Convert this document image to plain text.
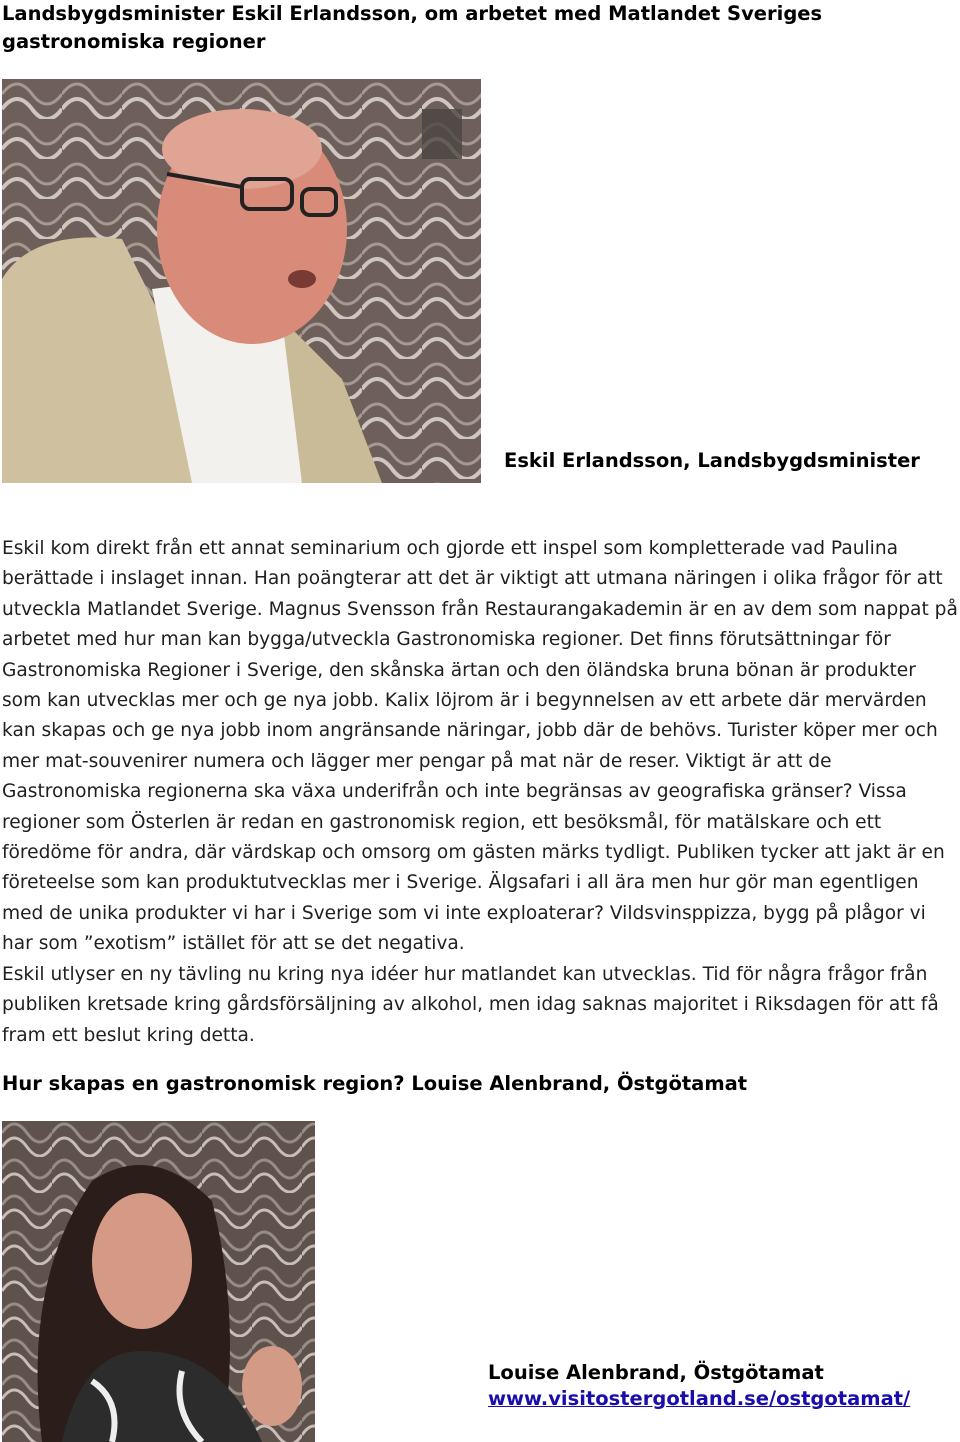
Landsbygdsminister Eskil Erlandsson, om arbetet med Matlandet Sveriges gastronomiska regioner
Eskil Erlandsson, Landsbygdsminister

Eskil kom direkt från ett annat seminarium och gjorde ett inspel som kompletterade vad Paulina berättade i inslaget innan. Han poängterar att det är viktigt att utmana näringen i olika frågor för att utveckla Matlandet Sverige. Magnus Svensson från Restaurangakademin är en av dem som nappat på arbetet med hur man kan bygga/utveckla Gastronomiska regioner. Det finns förutsättningar för Gastronomiska Regioner i Sverige, den skånska ärtan och den öländska bruna bönan är produkter som kan utvecklas mer och ge nya jobb. Kalix löjrom är i begynnelsen av ett arbete där mervärden kan skapas och ge nya jobb inom angränsande näringar, jobb där de behövs. Turister köper mer och mer mat-souvenirer numera och lägger mer pengar på mat när de reser. Viktigt är att de Gastronomiska regionerna ska växa underifrån och inte begränsas av geografiska gränser? Vissa regioner som Österlen är redan en gastronomisk region, ett besöksmål, för matälskare och ett föredöme för andra, där värdskap och omsorg om gästen märks tydligt. Publiken tycker att jakt är en företeelse som kan produktutvecklas mer i Sverige. Älgsafari i all ära men hur gör man egentligen med de unika produkter vi har i Sverige som vi inte exploaterar? Vildsvinsppizza, bygg på plågor vi har som ”exotism” istället för att se det negativa.
Eskil utlyser en ny tävling nu kring nya idéer hur matlandet kan utvecklas. Tid för några frågor från publiken kretsade kring gårdsförsäljning av alkohol, men idag saknas majoritet i Riksdagen för att få fram ett beslut kring detta.

Hur skapas en gastronomisk region? Louise Alenbrand, Östgötamat
Louise Alenbrand, Östgötamat
www.visitostergotland.se/ostgotamat/
